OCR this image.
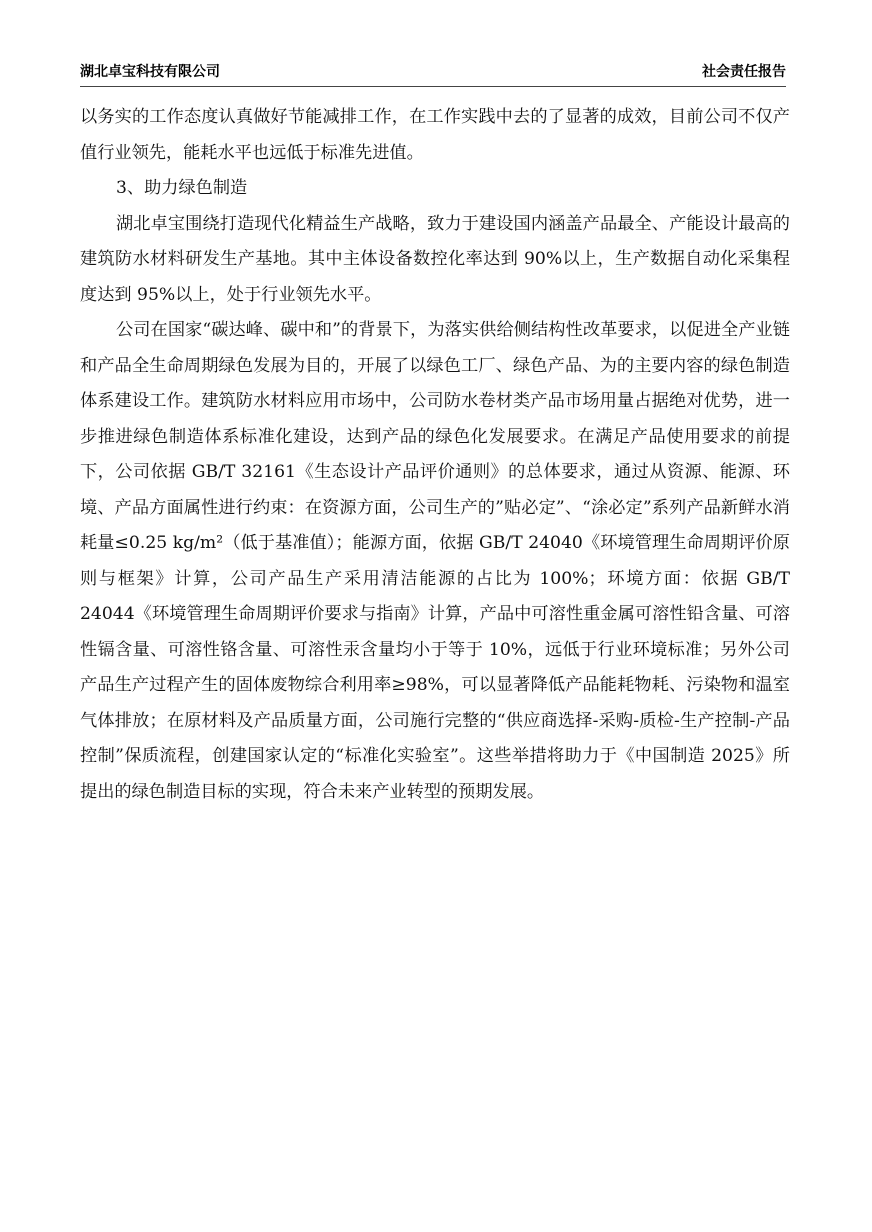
湖北卓宝科技有限公司	社会责任报告

以务实的工作态度认真做好节能减排工作，在工作实践中去的了显著的成效，目前公司不仅产值行业领先，能耗水平也远低于标准先进值。

3、助力绿色制造

湖北卓宝围绕打造现代化精益生产战略，致力于建设国内涵盖产品最全、产能设计最高的建筑防水材料研发生产基地。其中主体设备数控化率达到 90%以上，生产数据自动化采集程度达到 95%以上，处于行业领先水平。

公司在国家“碳达峰、碳中和”的背景下，为落实供给侧结构性改革要求，以促进全产业链和产品全生命周期绿色发展为目的，开展了以绿色工厂、绿色产品、为的主要内容的绿色制造体系建设工作。建筑防水材料应用市场中，公司防水卷材类产品市场用量占据绝对优势，进一步推进绿色制造体系标准化建设，达到产品的绿色化发展要求。在满足产品使用要求的前提下，公司依据 GB/T 32161《生态设计产品评价通则》的总体要求，通过从资源、能源、环境、产品方面属性进行约束：在资源方面，公司生产的”贴必定”、“涂必定”系列产品新鲜水消耗量≤0.25 kg/m²（低于基准值）；能源方面，依据 GB/T 24040《环境管理生命周期评价原则与框架》计算，公司产品生产采用清洁能源的占比为 100%；环境方面：依据 GB/T 24044《环境管理生命周期评价要求与指南》计算，产品中可溶性重金属可溶性铅含量、可溶性镉含量、可溶性铬含量、可溶性汞含量均小于等于 10%，远低于行业环境标准；另外公司产品生产过程产生的固体废物综合利用率≥98%，可以显著降低产品能耗物耗、污染物和温室气体排放；在原材料及产品质量方面，公司施行完整的“供应商选择-采购-质检-生产控制-产品控制”保质流程，创建国家认定的“标准化实验室”。这些举措将助力于《中国制造 2025》所提出的绿色制造目标的实现，符合未来产业转型的预期发展。
